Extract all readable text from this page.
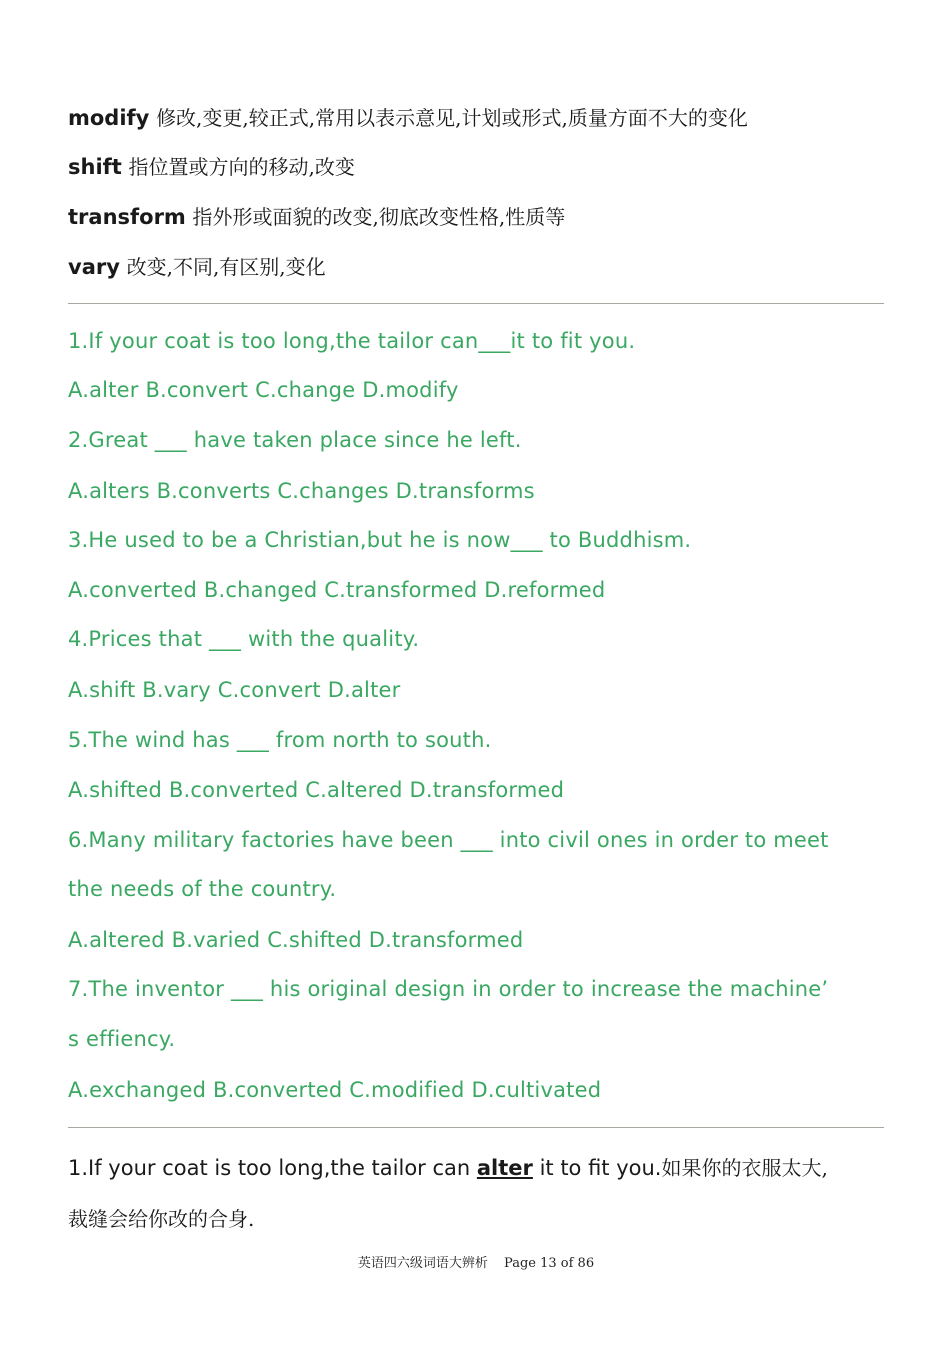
modify 修改,变更,较正式,常用以表示意见,计划或形式,质量方面不大的变化
shift 指位置或方向的移动,改变
transform 指外形或面貌的改变,彻底改变性格,性质等
vary 改变,不同,有区别,变化
1.If your coat is too long,the tailor can___it to fit you.
A.alter B.convert C.change D.modify
2.Great ___ have taken place since he left.
A.alters B.converts C.changes D.transforms
3.He used to be a Christian,but he is now___ to Buddhism.
A.converted B.changed C.transformed D.reformed
4.Prices that ___ with the quality.
A.shift B.vary C.convert D.alter
5.The wind has ___ from north to south.
A.shifted B.converted C.altered D.transformed
6.Many military factories have been ___ into civil ones in order to meet
the needs of the country.
A.altered B.varied C.shifted D.transformed
7.The inventor ___ his original design in order to increase the machine’
s effiency.
A.exchanged B.converted C.modified D.cultivated
1.If your coat is too long,the tailor can alter it to fit you.如果你的衣服太大,
裁缝会给你改的合身.
英语四六级词语大辨析 Page 13 of 86
